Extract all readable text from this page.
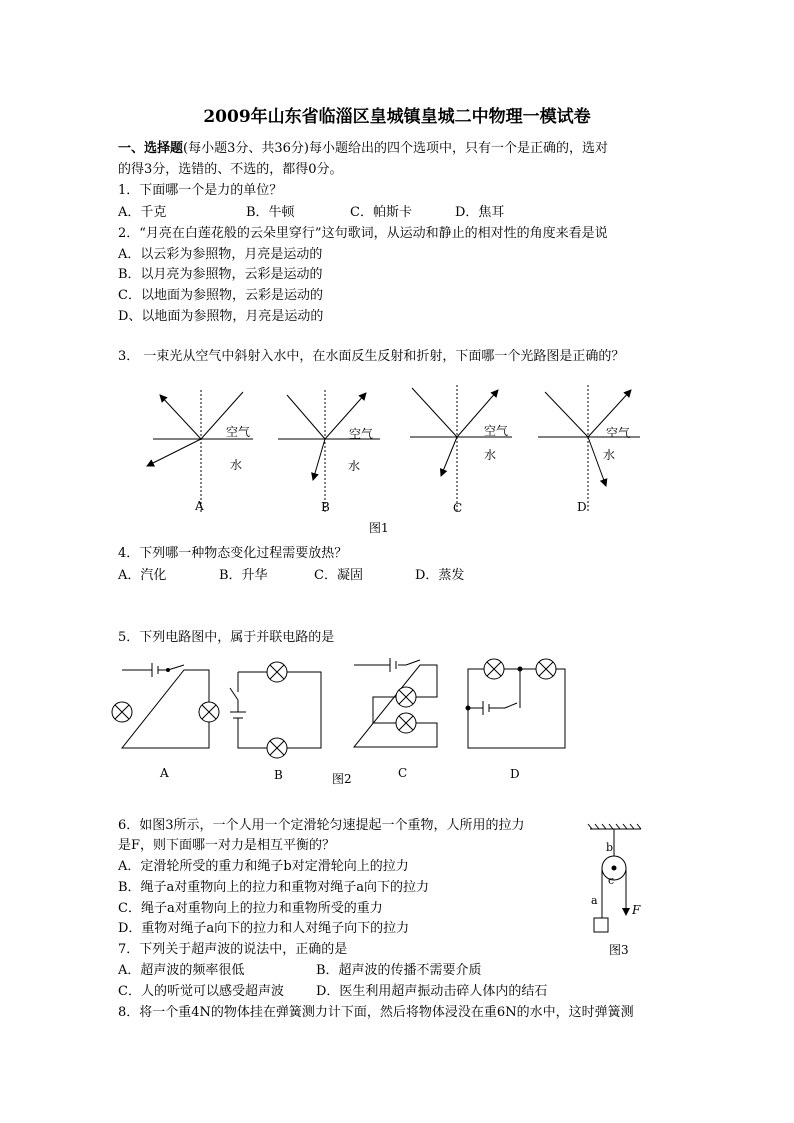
2009年山东省临淄区皇城镇皇城二中物理一模试卷
一、选择题(每小题3分、共36分)每小题给出的四个选项中，只有一个是正确的，选对
的得3分，选错的、不选的，都得0分。
1．下面哪一个是力的单位？
A．千克	B．牛顿	C．帕斯卡	D．焦耳
2．“月亮在白莲花般的云朵里穿行”这句歌词，从运动和静止的相对性的角度来看是说
A．以云彩为参照物，月亮是运动的
B．以月亮为参照物，云彩是运动的
C．以地面为参照物，云彩是运动的
D、以地面为参照物，月亮是运动的
3． 一束光从空气中斜射入水中，在水面反生反射和折射，下面哪一个光路图是正确的？
空气
水
空气
水
空气
水
空气
水
A	B	C	D
图1
4．下列哪一种物态变化过程需要放热？
A．汽化	B．升华	C．凝固	D．蒸发
5．下列电路图中，属于并联电路的是
A	B	C	D
图2
6．如图3所示，一个人用一个定滑轮匀速提起一个重物，人所用的拉力
是F，则下面哪一对力是相互平衡的？
A．定滑轮所受的重力和绳子b对定滑轮向上的拉力
B．绳子a对重物向上的拉力和重物对绳子a向下的拉力
C．绳子a对重物向上的拉力和重物所受的重力
D．重物对绳子a向下的拉力和人对绳子向下的拉力
b
c
a
F
图3
7．下列关于超声波的说法中，正确的是
A．超声波的频率很低	B．超声波的传播不需要介质
C．人的听觉可以感受超声波 D．医生利用超声振动击碎人体内的结石
8．将一个重4N的物体挂在弹簧测力计下面，然后将物体浸没在重6N的水中，这时弹簧测
